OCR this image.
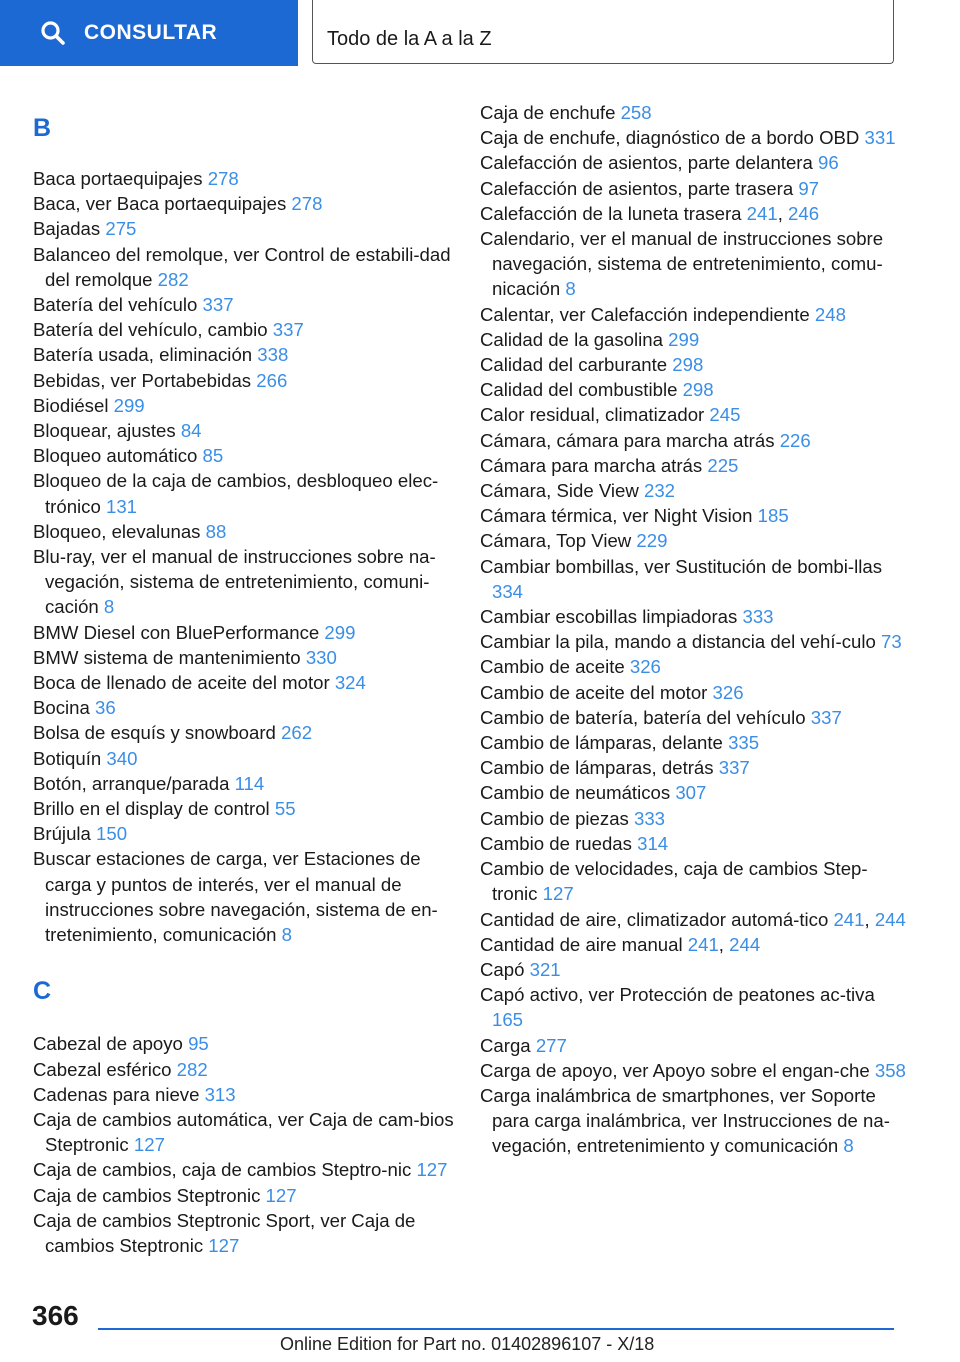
CONSULTAR	Todo de la A a la Z
B
Baca portaequipajes 278
Baca, ver Baca portaequipajes 278
Bajadas 275
Balanceo del remolque, ver Control de estabili-dad del remolque 282
Batería del vehículo 337
Batería del vehículo, cambio 337
Batería usada, eliminación 338
Bebidas, ver Portabebidas 266
Biodiésel 299
Bloquear, ajustes 84
Bloqueo automático 85
Bloqueo de la caja de cambios, desbloqueo elec-trónico 131
Bloqueo, elevalunas 88
Blu-ray, ver el manual de instrucciones sobre na-vegación, sistema de entretenimiento, comuni-cación 8
BMW Diesel con BluePerformance 299
BMW sistema de mantenimiento 330
Boca de llenado de aceite del motor 324
Bocina 36
Bolsa de esquís y snowboard 262
Botiquín 340
Botón, arranque/parada 114
Brillo en el display de control 55
Brújula 150
Buscar estaciones de carga, ver Estaciones de carga y puntos de interés, ver el manual de instrucciones sobre navegación, sistema de en-tretenimiento, comunicación 8
C
Cabezal de apoyo 95
Cabezal esférico 282
Cadenas para nieve 313
Caja de cambios automática, ver Caja de cam-bios Steptronic 127
Caja de cambios, caja de cambios Steptro-nic 127
Caja de cambios Steptronic 127
Caja de cambios Steptronic Sport, ver Caja de cambios Steptronic 127
Caja de enchufe 258
Caja de enchufe, diagnóstico de a bordo OBD 331
Calefacción de asientos, parte delantera 96
Calefacción de asientos, parte trasera 97
Calefacción de la luneta trasera 241, 246
Calendario, ver el manual de instrucciones sobre navegación, sistema de entretenimiento, comu-nicación 8
Calentar, ver Calefacción independiente 248
Calidad de la gasolina 299
Calidad del carburante 298
Calidad del combustible 298
Calor residual, climatizador 245
Cámara, cámara para marcha atrás 226
Cámara para marcha atrás 225
Cámara, Side View 232
Cámara térmica, ver Night Vision 185
Cámara, Top View 229
Cambiar bombillas, ver Sustitución de bombi-llas 334
Cambiar escobillas limpiadoras 333
Cambiar la pila, mando a distancia del vehí-culo 73
Cambio de aceite 326
Cambio de aceite del motor 326
Cambio de batería, batería del vehículo 337
Cambio de lámparas, delante 335
Cambio de lámparas, detrás 337
Cambio de neumáticos 307
Cambio de piezas 333
Cambio de ruedas 314
Cambio de velocidades, caja de cambios Step-tronic 127
Cantidad de aire, climatizador automá-tico 241, 244
Cantidad de aire manual 241, 244
Capó 321
Capó activo, ver Protección de peatones ac-tiva 165
Carga 277
Carga de apoyo, ver Apoyo sobre el engan-che 358
Carga inalámbrica de smartphones, ver Soporte para carga inalámbrica, ver Instrucciones de na-vegación, entretenimiento y comunicación 8
366
Online Edition for Part no. 01402896107 - X/18
